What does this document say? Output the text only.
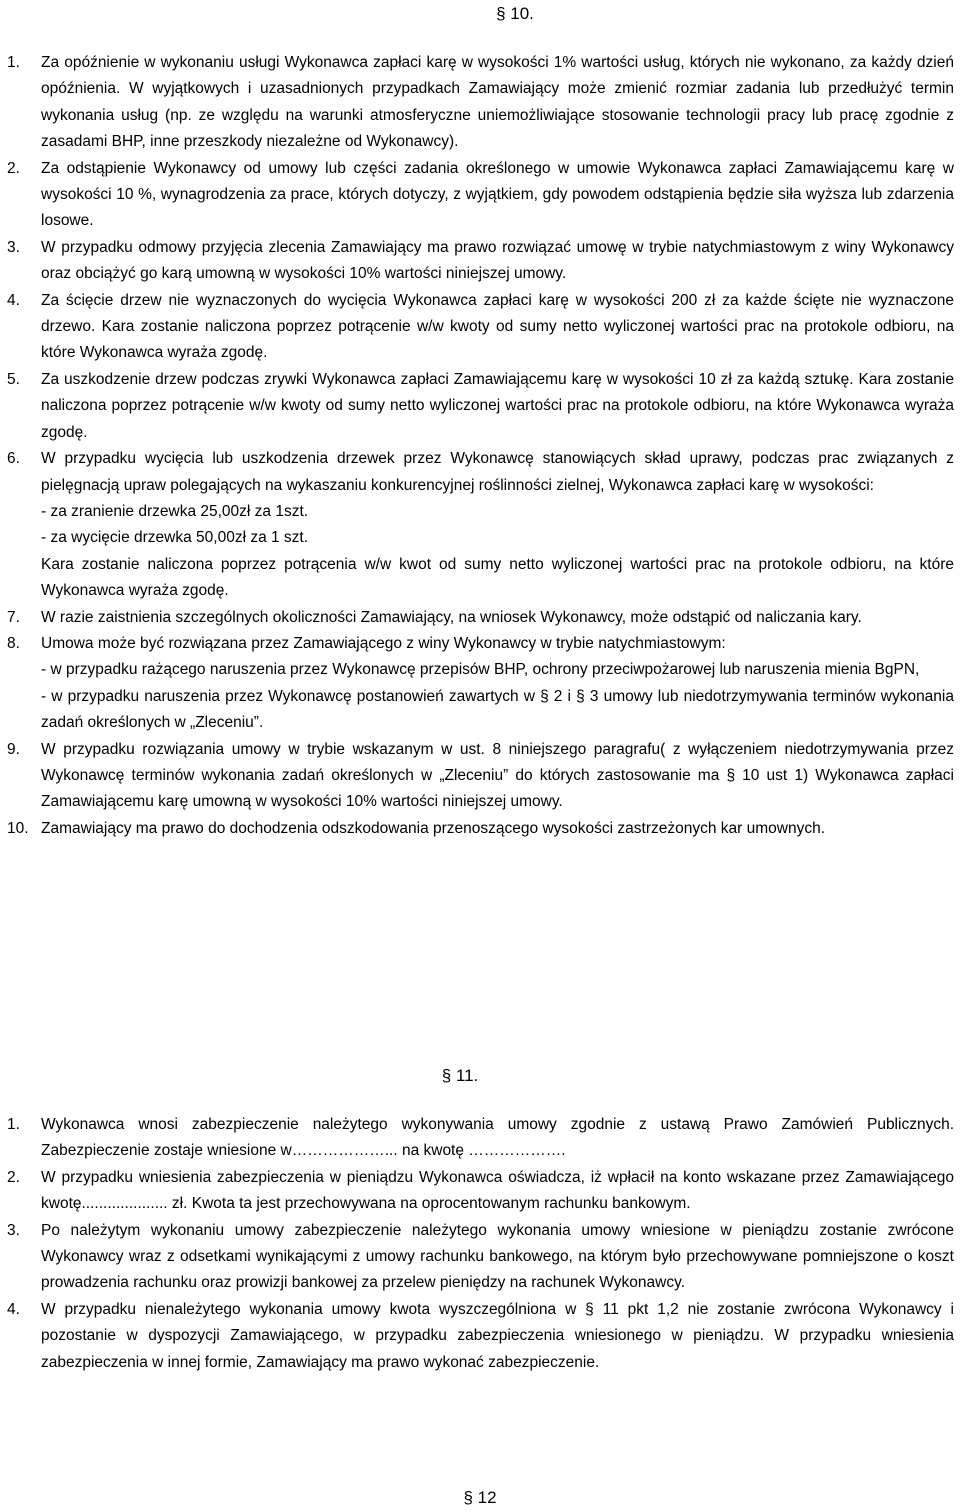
§ 10.
1. Za opóźnienie w wykonaniu usługi Wykonawca zapłaci karę w wysokości 1% wartości usług, których nie wykonano, za każdy dzień opóźnienia. W wyjątkowych i uzasadnionych przypadkach Zamawiający może zmienić rozmiar zadania lub przedłużyć termin wykonania usług (np. ze względu na warunki atmosferyczne uniemożliwiające stosowanie technologii pracy lub pracę zgodnie z zasadami BHP, inne przeszkody niezależne od Wykonawcy).
2. Za odstąpienie Wykonawcy od umowy lub części zadania określonego w umowie Wykonawca zapłaci Zamawiającemu karę w wysokości 10 %, wynagrodzenia za prace, których dotyczy, z wyjątkiem, gdy powodem odstąpienia będzie siła wyższa lub zdarzenia losowe.
3. W przypadku odmowy przyjęcia zlecenia Zamawiający ma prawo rozwiązać umowę w trybie natychmiastowym z winy Wykonawcy oraz obciążyć go karą umowną w wysokości 10% wartości niniejszej umowy.
4. Za ścięcie drzew nie wyznaczonych do wycięcia Wykonawca zapłaci karę w wysokości 200 zł za każde ścięte nie wyznaczone drzewo. Kara zostanie naliczona poprzez potrącenie w/w kwoty od sumy netto wyliczonej wartości prac na protokole odbioru, na które Wykonawca wyraża zgodę.
5. Za uszkodzenie drzew podczas zrywki Wykonawca zapłaci Zamawiającemu karę w wysokości 10 zł za każdą sztukę. Kara zostanie naliczona poprzez potrącenie w/w kwoty od sumy netto wyliczonej wartości prac na protokole odbioru, na które Wykonawca wyraża zgodę.
6. W przypadku wycięcia lub uszkodzenia drzewek przez Wykonawcę stanowiących skład uprawy, podczas prac związanych z pielęgnacją upraw polegających na wykaszaniu konkurencyjnej roślinności zielnej, Wykonawca zapłaci karę w wysokości:
- za zranienie drzewka 25,00zł za 1szt.
- za wycięcie drzewka 50,00zł za 1 szt.
Kara zostanie naliczona poprzez potrącenia w/w kwot od sumy netto wyliczonej wartości prac na protokole odbioru, na które Wykonawca wyraża zgodę.
7. W razie zaistnienia szczególnych okoliczności Zamawiający, na wniosek Wykonawcy, może odstąpić od naliczania kary.
8. Umowa może być rozwiązana przez Zamawiającego z winy Wykonawcy w trybie natychmiastowym:
- w przypadku rażącego naruszenia przez Wykonawcę przepisów BHP, ochrony przeciwpożarowej lub naruszenia mienia BgPN,
- w przypadku naruszenia przez Wykonawcę postanowień zawartych w § 2 i § 3 umowy lub niedotrzymywania terminów wykonania zadań określonych w „Zleceniu”.
9. W przypadku rozwiązania umowy w trybie wskazanym w ust. 8 niniejszego paragrafu( z wyłączeniem niedotrzymywania przez Wykonawcę terminów wykonania zadań określonych w „Zleceniu” do których zastosowanie ma § 10 ust 1) Wykonawca zapłaci Zamawiającemu karę umowną w wysokości 10% wartości niniejszej umowy.
10. Zamawiający ma prawo do dochodzenia odszkodowania przenoszącego wysokości zastrzeżonych kar umownych.
§ 11.
1. Wykonawca wnosi zabezpieczenie należytego wykonywania umowy zgodnie z ustawą Prawo Zamówień Publicznych. Zabezpieczenie zostaje wniesione w………………... na kwotę ……………….
2. W przypadku wniesienia zabezpieczenia w pieniądzu Wykonawca oświadcza, iż wpłacił na konto wskazane przez Zamawiającego kwotę.................... zł. Kwota ta jest przechowywana na oprocentowanym rachunku bankowym.
3. Po należytym wykonaniu umowy zabezpieczenie należytego wykonania umowy wniesione w pieniądzu zostanie zwrócone Wykonawcy wraz z odsetkami wynikającymi z umowy rachunku bankowego, na którym było przechowywane pomniejszone o koszt prowadzenia rachunku oraz prowizji bankowej za przelew pieniędzy na rachunek Wykonawcy.
4. W przypadku nienależytego wykonania umowy kwota wyszczególniona w § 11 pkt 1,2 nie zostanie zwrócona Wykonawcy i pozostanie w dyspozycji Zamawiającego, w przypadku zabezpieczenia wniesionego w pieniądzu. W przypadku wniesienia zabezpieczenia w innej formie, Zamawiający ma prawo wykonać zabezpieczenie.
§ 12
